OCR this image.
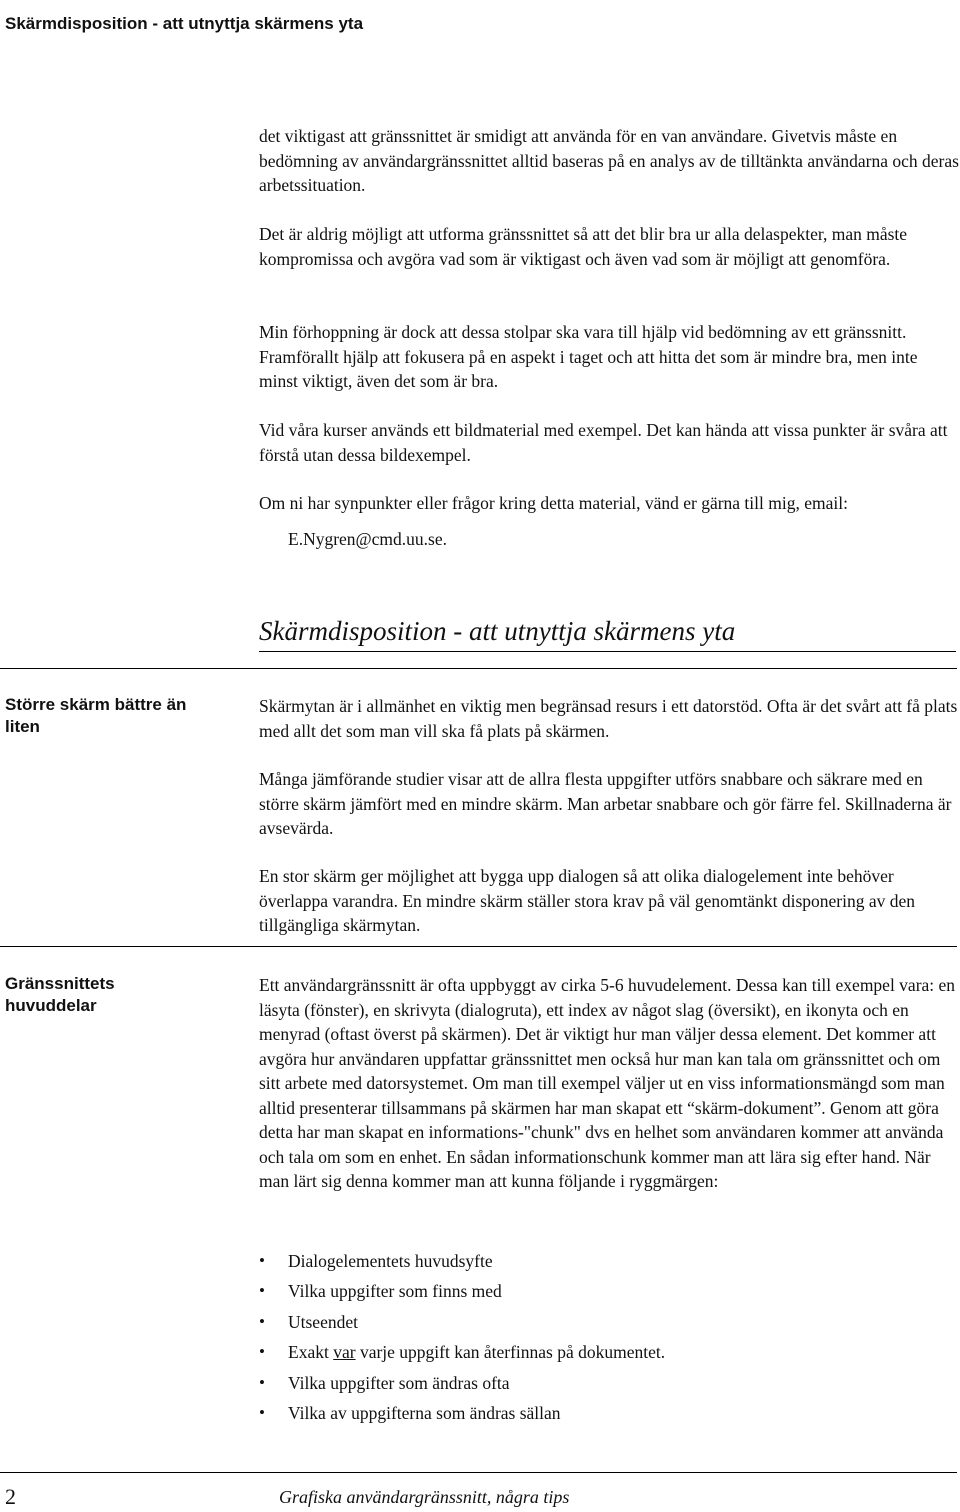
Skärmdisposition - att utnyttja skärmens yta

det viktigast att gränssnittet är smidigt att använda för en van användare. Givetvis måste en bedömning av användargränssnittet alltid baseras på en analys av de tilltänkta användarna och deras arbetssituation.

Det är aldrig möjligt att utforma gränssnittet så att det blir bra ur alla delaspekter, man måste kompromissa och avgöra vad som är viktigast och även vad som är möjligt att genomföra.

Min förhoppning är dock att dessa stolpar ska vara till hjälp vid bedömning av ett gränssnitt. Framförallt hjälp att fokusera på en aspekt i taget och att hitta det som är mindre bra, men inte minst viktigt, även det som är bra.

Vid våra kurser används ett bildmaterial med exempel. Det kan hända att vissa punkter är svåra att förstå utan dessa bildexempel.

Om ni har synpunkter eller frågor kring detta material, vänd er gärna till mig, email:

E.Nygren@cmd.uu.se.
Skärmdisposition - att utnyttja skärmens yta
Större skärm bättre än liten

Skärmytan är i allmänhet en viktig men begränsad resurs i ett datorstöd. Ofta är det svårt att få plats med allt det som man vill ska få plats på skärmen.

Många jämförande studier visar att de allra flesta uppgifter utförs snabbare och säkrare med en större skärm jämfört med en mindre skärm. Man arbetar snabbare och gör färre fel. Skillnaderna är avsevärda.

En stor skärm ger möjlighet att bygga upp dialogen så att olika dialogelement inte behöver överlappa varandra. En mindre skärm ställer stora krav på väl genomtänkt disponering av den tillgängliga skärmytan.

Gränssnittets huvuddelar

Ett användargränssnitt är ofta uppbyggt av cirka 5-6 huvudelement. Dessa kan till exempel vara: en läsyta (fönster), en skrivyta (dialogruta), ett index av något slag (översikt), en ikonyta och en menyrad (oftast överst på skärmen). Det är viktigt hur man väljer dessa element. Det kommer att avgöra hur användaren uppfattar gränssnittet men också hur man kan tala om gränssnittet och om sitt arbete med datorsystemet. Om man till exempel väljer ut en viss informationsmängd som man alltid presenterar tillsammans på skärmen har man skapat ett “skärm-dokument”. Genom att göra detta har man skapat en informations-"chunk" dvs en helhet som användaren kommer att använda och tala om som en enhet. En sådan informationschunk kommer man att lära sig efter hand. När man lärt sig denna kommer man att kunna följande i ryggmärgen:

• Dialogelementets huvudsyfte
• Vilka uppgifter som finns med
• Utseendet
• Exakt var varje uppgift kan återfinnas på dokumentet.
• Vilka uppgifter som ändras ofta
• Vilka av uppgifterna som ändras sällan
2	Grafiska användargränssnitt, några tips
